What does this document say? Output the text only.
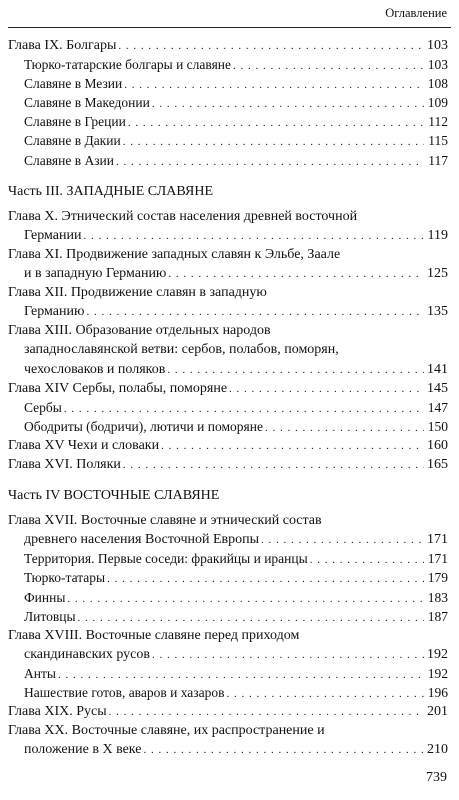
Оглавление
Глава IX. Болгары . . .	103
Тюрко-татарские болгары и славяне . . .	103
Славяне в Мезии . . .	108
Славяне в Македонии . . .	109
Славяне в Греции . . .	112
Славяне в Дакии . . .	115
Славяне в Азии . . .	117
Часть III. ЗАПАДНЫЕ СЛАВЯНЕ
Глава X. Этнический состав населения древней восточной
Германии . . .	119
Глава XI. Продвижение западных славян к Эльбе, Заале
и в западную Германию . . .	125
Глава XII. Продвижение славян в западную
Германию . . .	135
Глава XIII. Образование отдельных народов
западнославянской ветви: сербов, полабов, поморян,
чехословаков и поляков . . .	141
Глава XIV Сербы, полабы, поморяне . . .	145
Сербы . . .	147
Ободриты (бодричи), лютичи и поморяне . . .	150
Глава XV Чехи и словаки . . .	160
Глава XVI. Поляки . . .	165
Часть IV ВОСТОЧНЫЕ СЛАВЯНЕ
Глава XVII. Восточные славяне и этнический состав
древнего населения Восточной Европы . . .	171
Территория. Первые соседи: фракийцы и иранцы . . .	171
Тюрко-татары . . .	179
Финны . . .	183
Литовцы . . .	187
Глава XVIII. Восточные славяне перед приходом
скандинавских русов . . .	192
Анты . . .	192
Нашествие готов, аваров и хазаров . . .	196
Глава XIX. Русы . . .	201
Глава XX. Восточные славяне, их распространение и
положение в X веке . . .	210
739
